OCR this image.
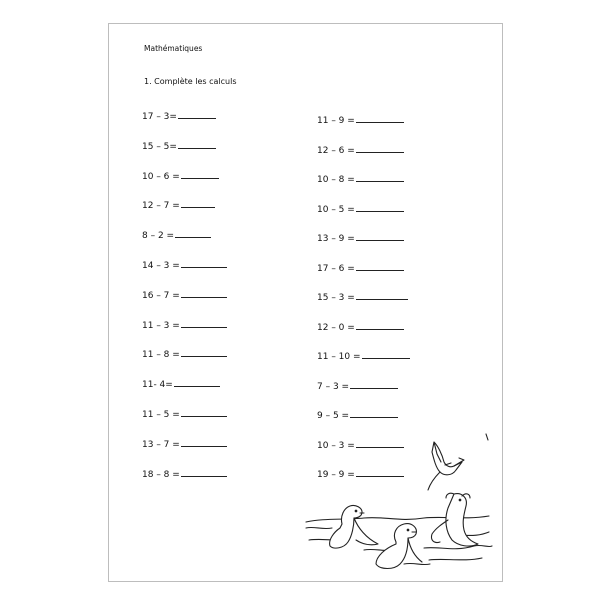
Mathématiques
1. Complète les calculs
17 – 3=
15 – 5=
10 – 6 =
12 – 7 =
8 – 2 =
14 – 3 =
16 – 7 =
11 – 3 =
11 – 8 =
11- 4=
11 – 5 =
13 – 7 =
18 – 8 =
11 – 9 =
12 – 6 =
10 – 8 =
10 – 5 =
13 – 9 =
17 – 6 =
15 – 3 =
12 – 0 =
11 – 10 =
7 – 3 =
9 – 5 =
10 – 3 =
19 – 9 =
